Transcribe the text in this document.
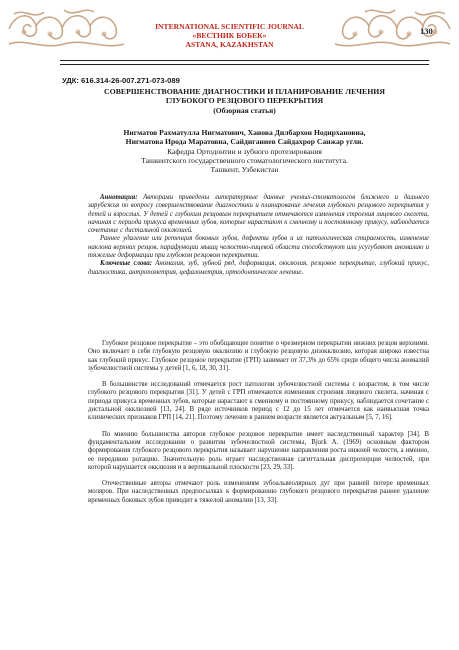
INTERNATIONAL SCIENTIFIC JOURNAL
«ВЕСТНИК БОБЕК»
ASTANA, KAZAKHSTAN
130
УДК: 616.314-26-007.271-073-089
СОВЕРШЕНСТВОВАНИЕ ДИАГНОСТИКИ И ПЛАНИРОВАНИЕ ЛЕЧЕНИЯ
ГЛУБОКОГО РЕЗЦОВОГО ПЕРЕКРЫТИЯ
(Обзорная статья)
Нигматов Рахматулла Нигматович, Ханова Дилбархон Нодирхановна,
Нигматова Ирода Маратовна, Сайдиганиев Сайдахрор Санжар угли.
Кафедра Ортодонтии и зубного протезирования
Ташкентского государственного стоматологического института.
Ташкент, Узбекистан

Аннотация: Авторами приведены литературные данные ученых-стоматологов ближнего и дальнего зарубежья по вопросу совершенствование диагностики и планирование лечения глубокого резцового перекрытия у детей и взрослых. У детей с глубоким резцовым перекрытием отмечаются изменения строения лицевого скелета, начиная с периода прикуса временных зубов, которые нарастают к сменному и постоянному прикусу, наблюдается сочетание с дистальной окклюзией.

Раннее удаление или ретенция боковых зубов, дефекты зубов и их патологическая стираемость, изменение наклона верхних резцов, парафункции мышц челюстно-лицевой области способствуют или усугубляют аномалию и тяжелые деформации при глубоком резцовом перекрытии.

Ключевые слова: Аномалия, зуб, зубной ряд, деформация, окклюзия, резцовое перекрытие, глубокий прикус, диагностика, антропометрия, цефалометрия, ортодонтическое лечение.

Глубокое резцовое перекрытие – это обобщающее понятие о чрезмерном перекрытии нижних резцов верхними. Оно включает в себя глубокую резцовую окклюзию и глубокую резцовую дизокклюзию, которая широко известна как глубокий прикус. Глубокое резцовое перекрытие (ГРП) занимает от 37,3% до 65% среди общего числа аномалий зубочелюстной системы у детей [1, 6, 18, 30, 31].

В большинстве исследований отмечается рост патологии зубочелюстной системы с возрастом, в том числе глубокого резцового перекрытия [31]. У детей с ГРП отмечаются изменения строения лицевого скелета, начиная с периода прикуса временных зубов, которые нарастают к сменному и постоянному прикусу, наблюдается сочетание с дистальной окклюзией [13, 24]. В ряде источников период с 12 до 15 лет отмечается как наивысшая точка клинических признаков ГРП [14, 21]. Поэтому лечение в раннем возрасте является актуальным [5, 7, 16].

По мнению большинства авторов глубокое резцовое перекрытие имеет наследственный характер [34]. В фундаментальном исследовании о развитии зубочелюстной системы, Bjork A. (1969) основным фактором формирования глубокого резцового перекрытия называет нарушение направления роста нижней челюсти, а именно, ее переднюю ротацию. Значительную роль играет наследственная сагиттальная диспропорция челюстей, при которой нарушается окклюзия и в вертикальной плоскости [23, 29, 33].

Отечественные авторы отмечают роль изменениям зубоальвеолярных дуг при ранней потере временных моляров. При наследственных предпосылках к формированию глубокого резцового перекрытия раннее удаление временных боковых зубов приводит к тяжелой аномалии [13, 33].
